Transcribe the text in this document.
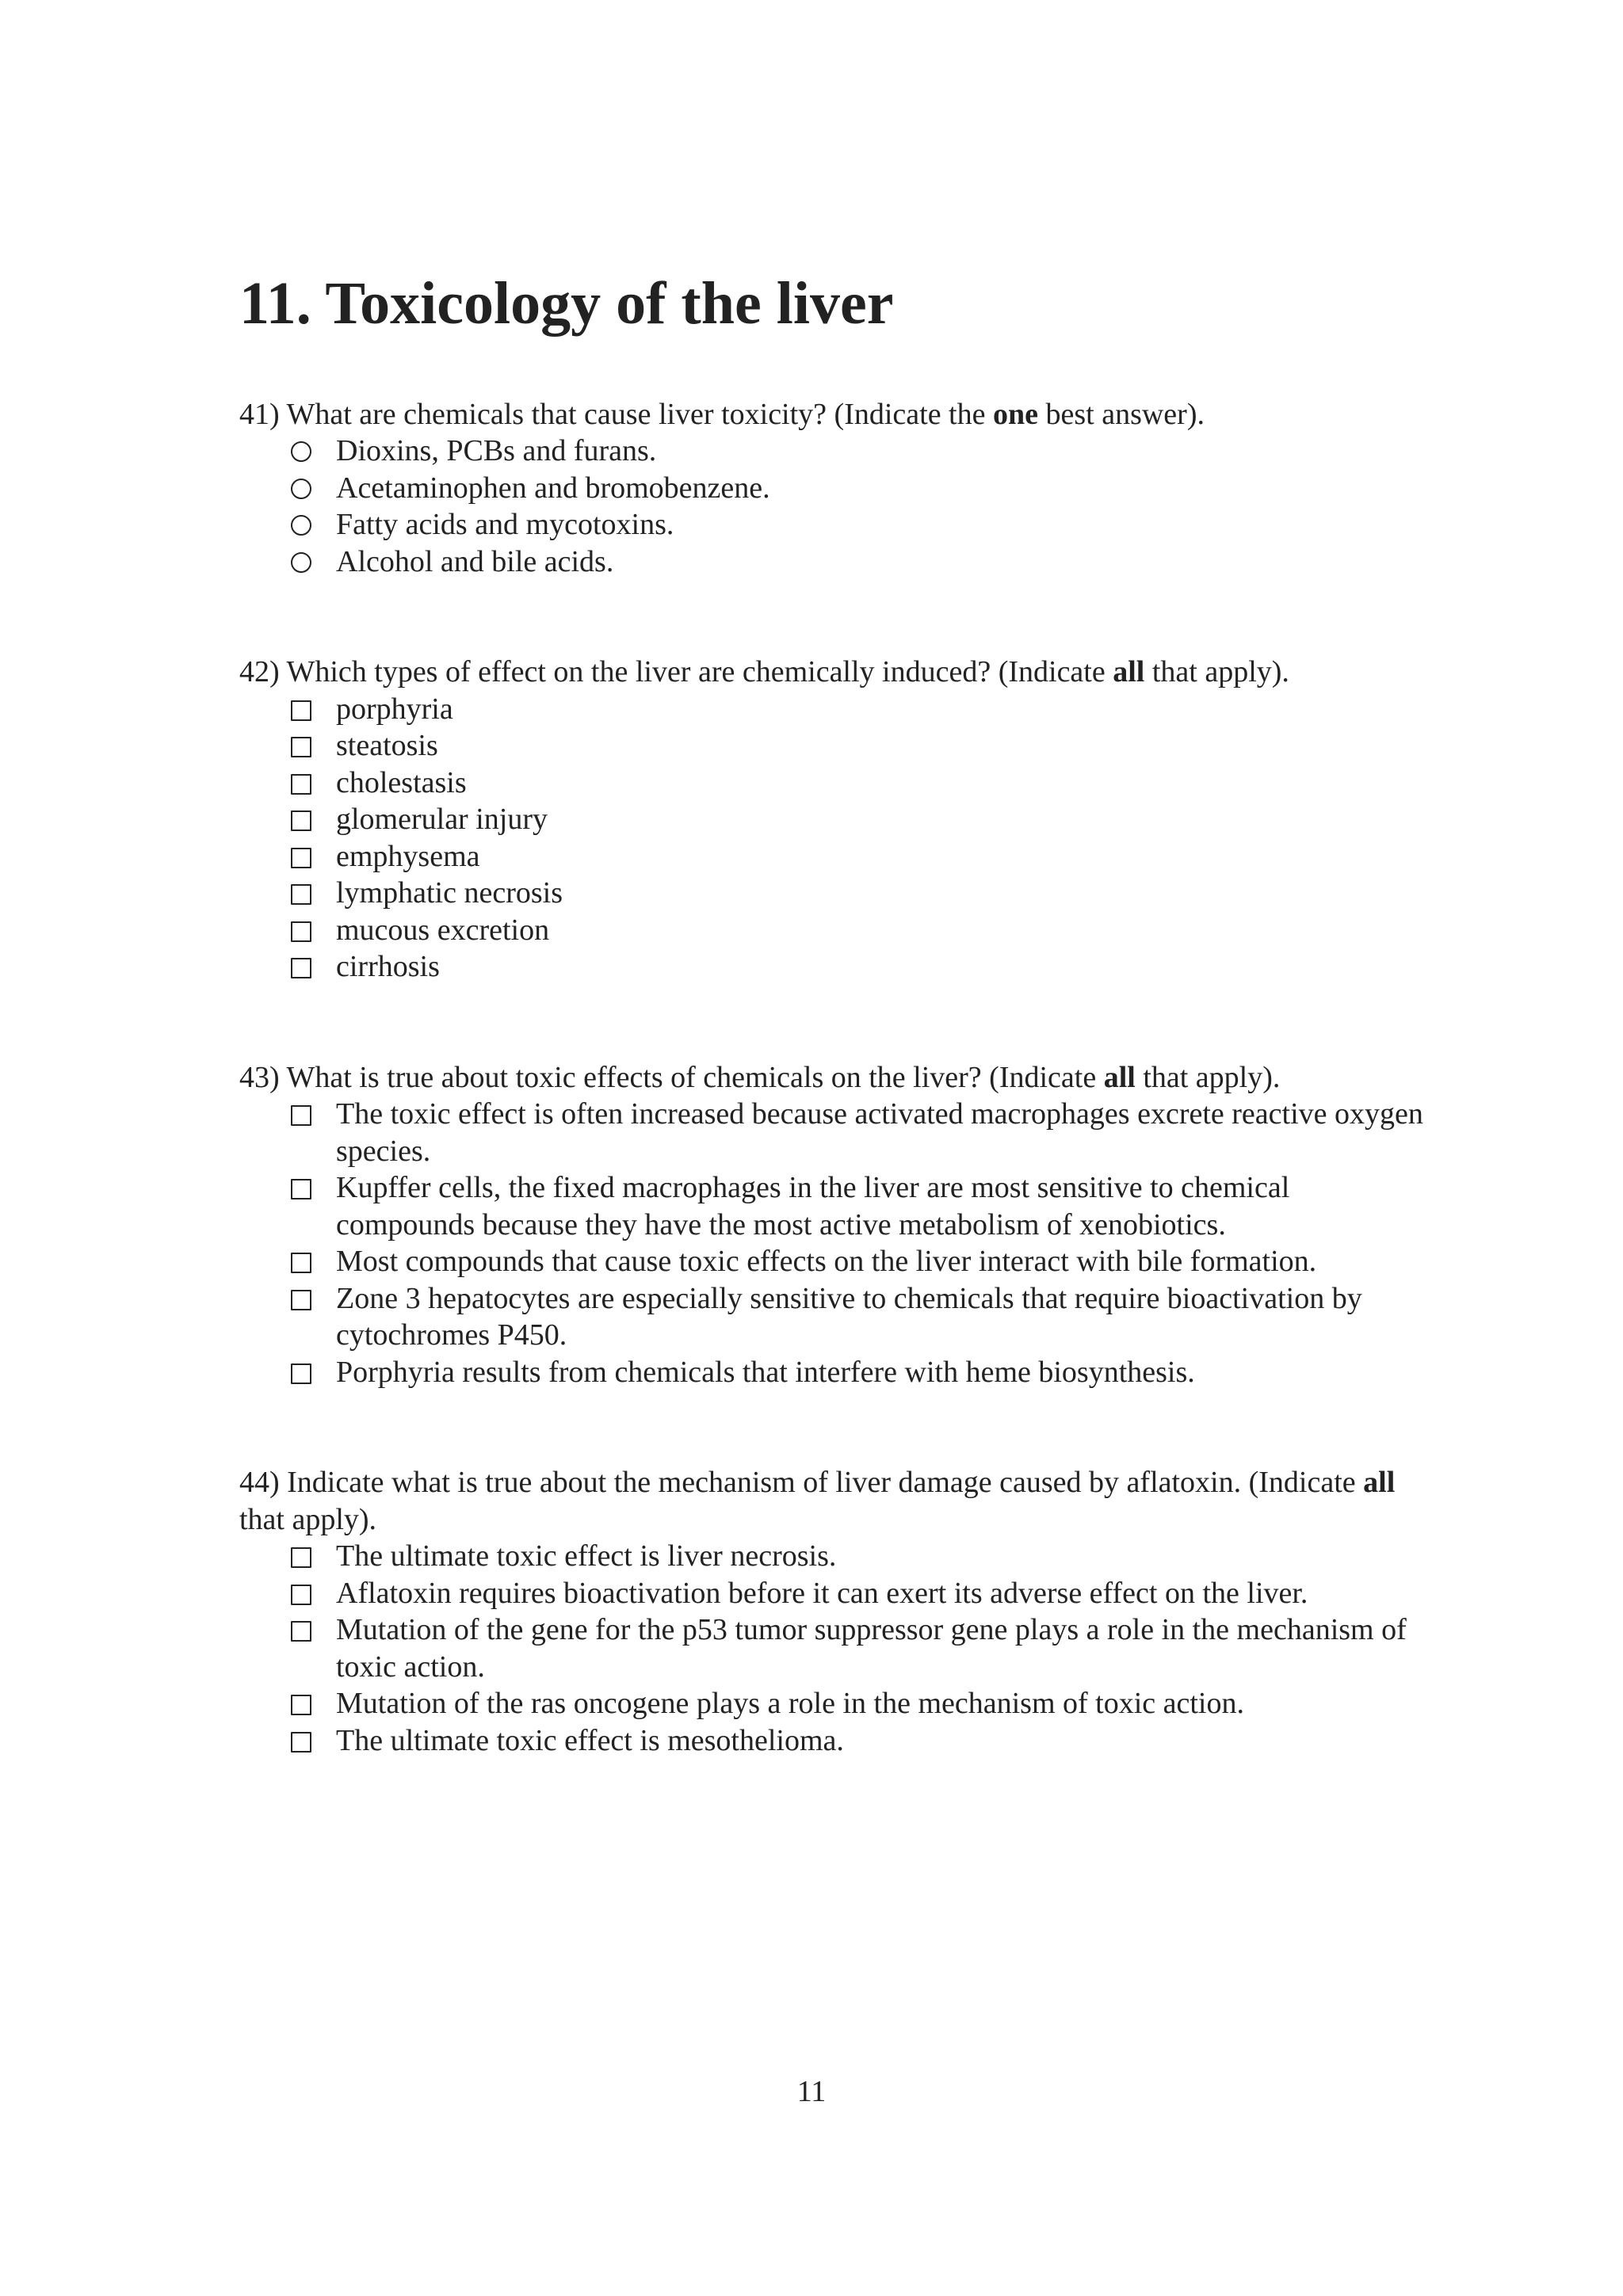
11. Toxicology of the liver

41) What are chemicals that cause liver toxicity? (Indicate the one best answer).

Dioxins, PCBs and furans.
Acetaminophen and bromobenzene.
Fatty acids and mycotoxins.
Alcohol and bile acids.

42) Which types of effect on the liver are chemically induced? (Indicate all that apply).

porphyria
steatosis
cholestasis
glomerular injury
emphysema
lymphatic necrosis
mucous excretion
cirrhosis

43) What is true about toxic effects of chemicals on the liver? (Indicate all that apply).

The toxic effect is often increased because activated macrophages excrete reactive oxygen species.
Kupffer cells, the fixed macrophages in the liver are most sensitive to chemical compounds because they have the most active metabolism of xenobiotics.
Most compounds that cause toxic effects on the liver interact with bile formation.
Zone 3 hepatocytes are especially sensitive to chemicals that require bioactivation by cytochromes P450.
Porphyria results from chemicals that interfere with heme biosynthesis.

44) Indicate what is true about the mechanism of liver damage caused by aflatoxin. (Indicate all that apply).

The ultimate toxic effect is liver necrosis.
Aflatoxin requires bioactivation before it can exert its adverse effect on the liver.
Mutation of the gene for the p53 tumor suppressor gene plays a role in the mechanism of toxic action.
Mutation of the ras oncogene plays a role in the mechanism of toxic action.
The ultimate toxic effect is mesothelioma.
11
